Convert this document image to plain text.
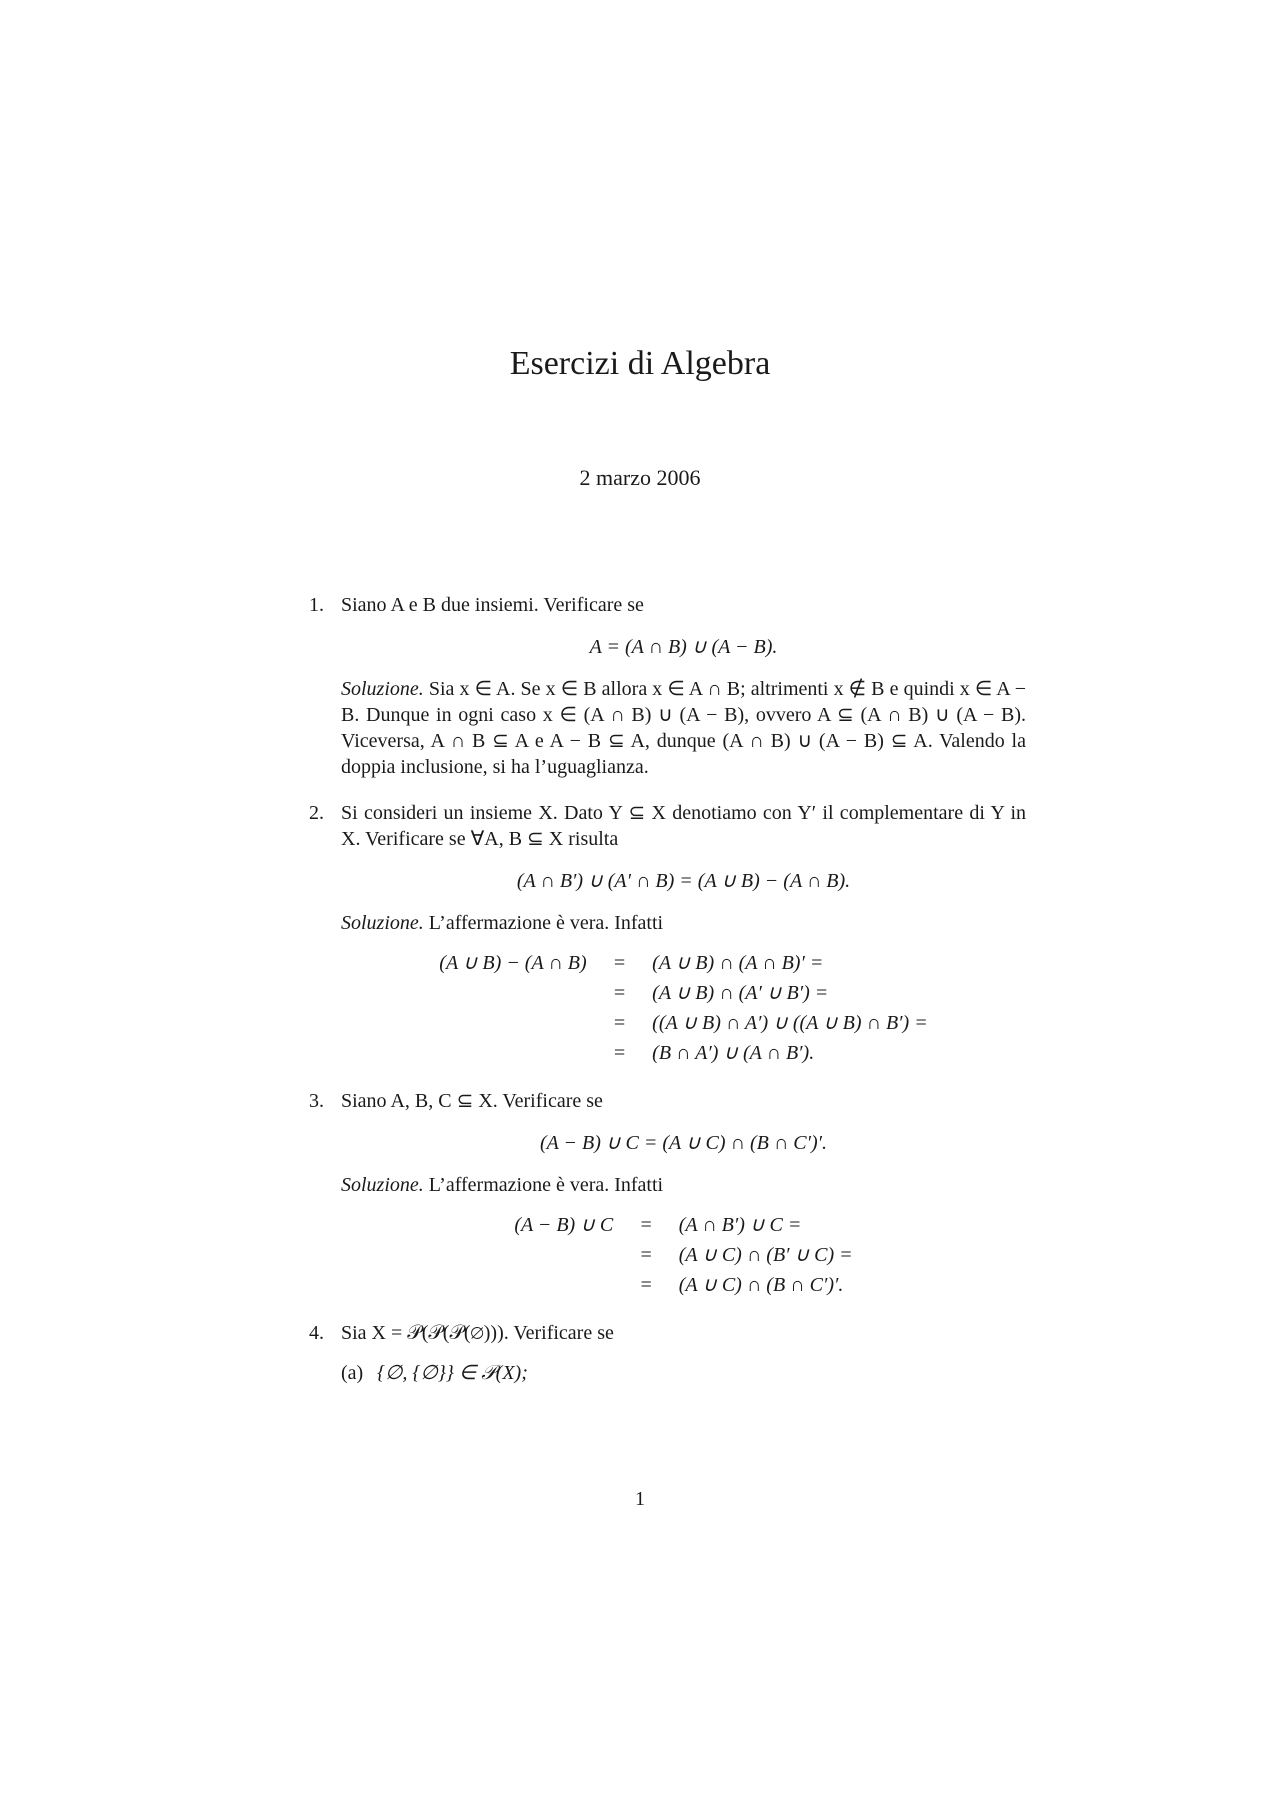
Esercizi di Algebra
2 marzo 2006
1. Siano A e B due insiemi. Verificare se
A = (A ∩ B) ∪ (A − B).
Soluzione. Sia x ∈ A. Se x ∈ B allora x ∈ A ∩ B; altrimenti x ∉ B e quindi x ∈ A − B. Dunque in ogni caso x ∈ (A ∩ B) ∪ (A − B), ovvero A ⊆ (A ∩ B) ∪ (A − B). Viceversa, A ∩ B ⊆ A e A − B ⊆ A, dunque (A ∩ B) ∪ (A − B) ⊆ A. Valendo la doppia inclusione, si ha l’uguaglianza.
2. Si consideri un insieme X. Dato Y ⊆ X denotiamo con Y′ il complementare di Y in X. Verificare se ∀A, B ⊆ X risulta
(A ∩ B′) ∪ (A′ ∩ B) = (A ∪ B) − (A ∩ B).
Soluzione. L’affermazione è vera. Infatti
(A ∪ B) − (A ∩ B)	=	(A ∪ B) ∩ (A ∩ B)′ =
	=	(A ∪ B) ∩ (A′ ∪ B′) =
	=	((A ∪ B) ∩ A′) ∪ ((A ∪ B) ∩ B′) =
	=	(B ∩ A′) ∪ (A ∩ B′).
3. Siano A, B, C ⊆ X. Verificare se
(A − B) ∪ C = (A ∪ C) ∩ (B ∩ C′)′.
Soluzione. L’affermazione è vera. Infatti
(A − B) ∪ C	=	(A ∩ B′) ∪ C =
	=	(A ∪ C) ∩ (B′ ∪ C) =
	=	(A ∪ C) ∩ (B ∩ C′)′.
4. Sia X = 𝒫(𝒫(𝒫(∅))). Verificare se
(a) {∅, {∅}} ∈ 𝒫(X);
1
